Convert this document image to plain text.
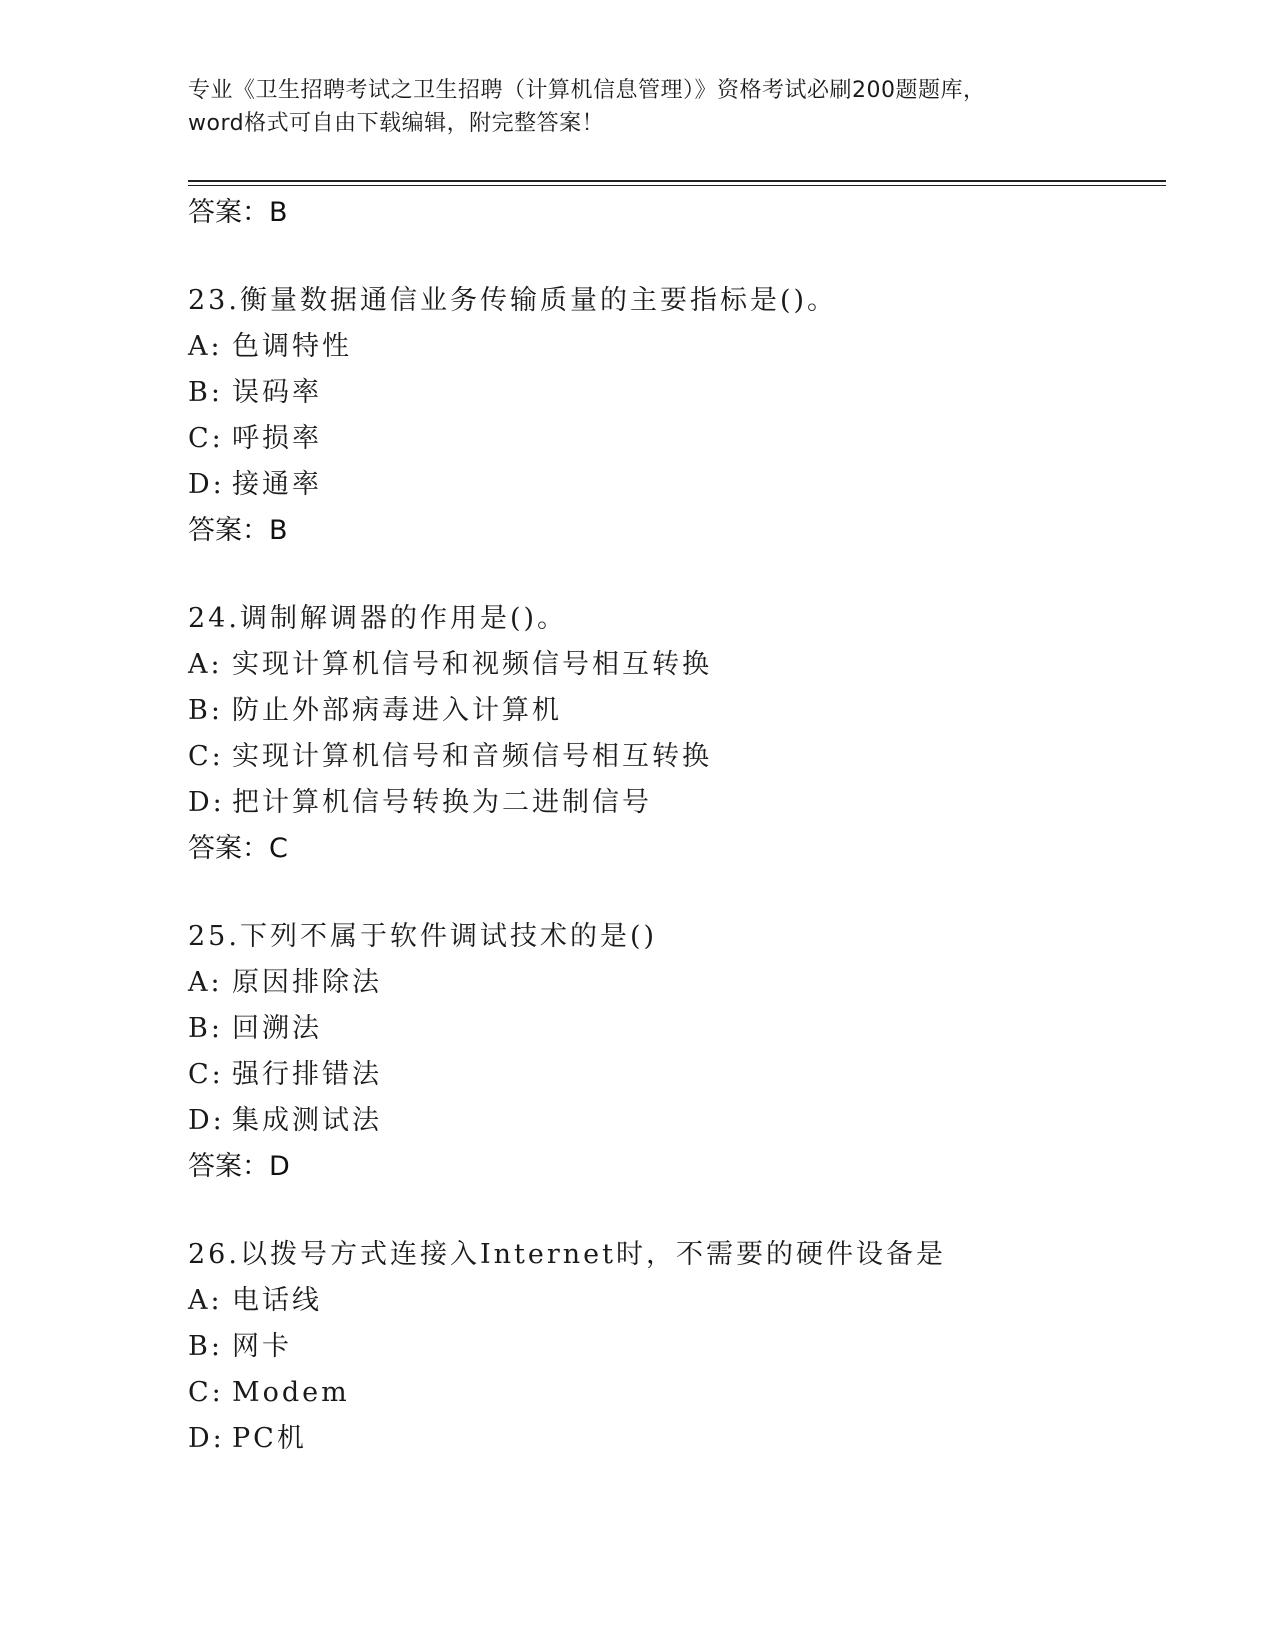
专业《卫生招聘考试之卫生招聘（计算机信息管理）》资格考试必刷200题题库，
word格式可自由下载编辑，附完整答案！
答案：B
23.衡量数据通信业务传输质量的主要指标是()。
A: 色调特性
B: 误码率
C: 呼损率
D: 接通率
答案：B
24.调制解调器的作用是()。
A: 实现计算机信号和视频信号相互转换
B: 防止外部病毒进入计算机
C: 实现计算机信号和音频信号相互转换
D: 把计算机信号转换为二进制信号
答案：C
25.下列不属于软件调试技术的是()
A: 原因排除法
B: 回溯法
C: 强行排错法
D: 集成测试法
答案：D
26.以拨号方式连接入Internet时，不需要的硬件设备是
A: 电话线
B: 网卡
C: Modem
D: PC机
